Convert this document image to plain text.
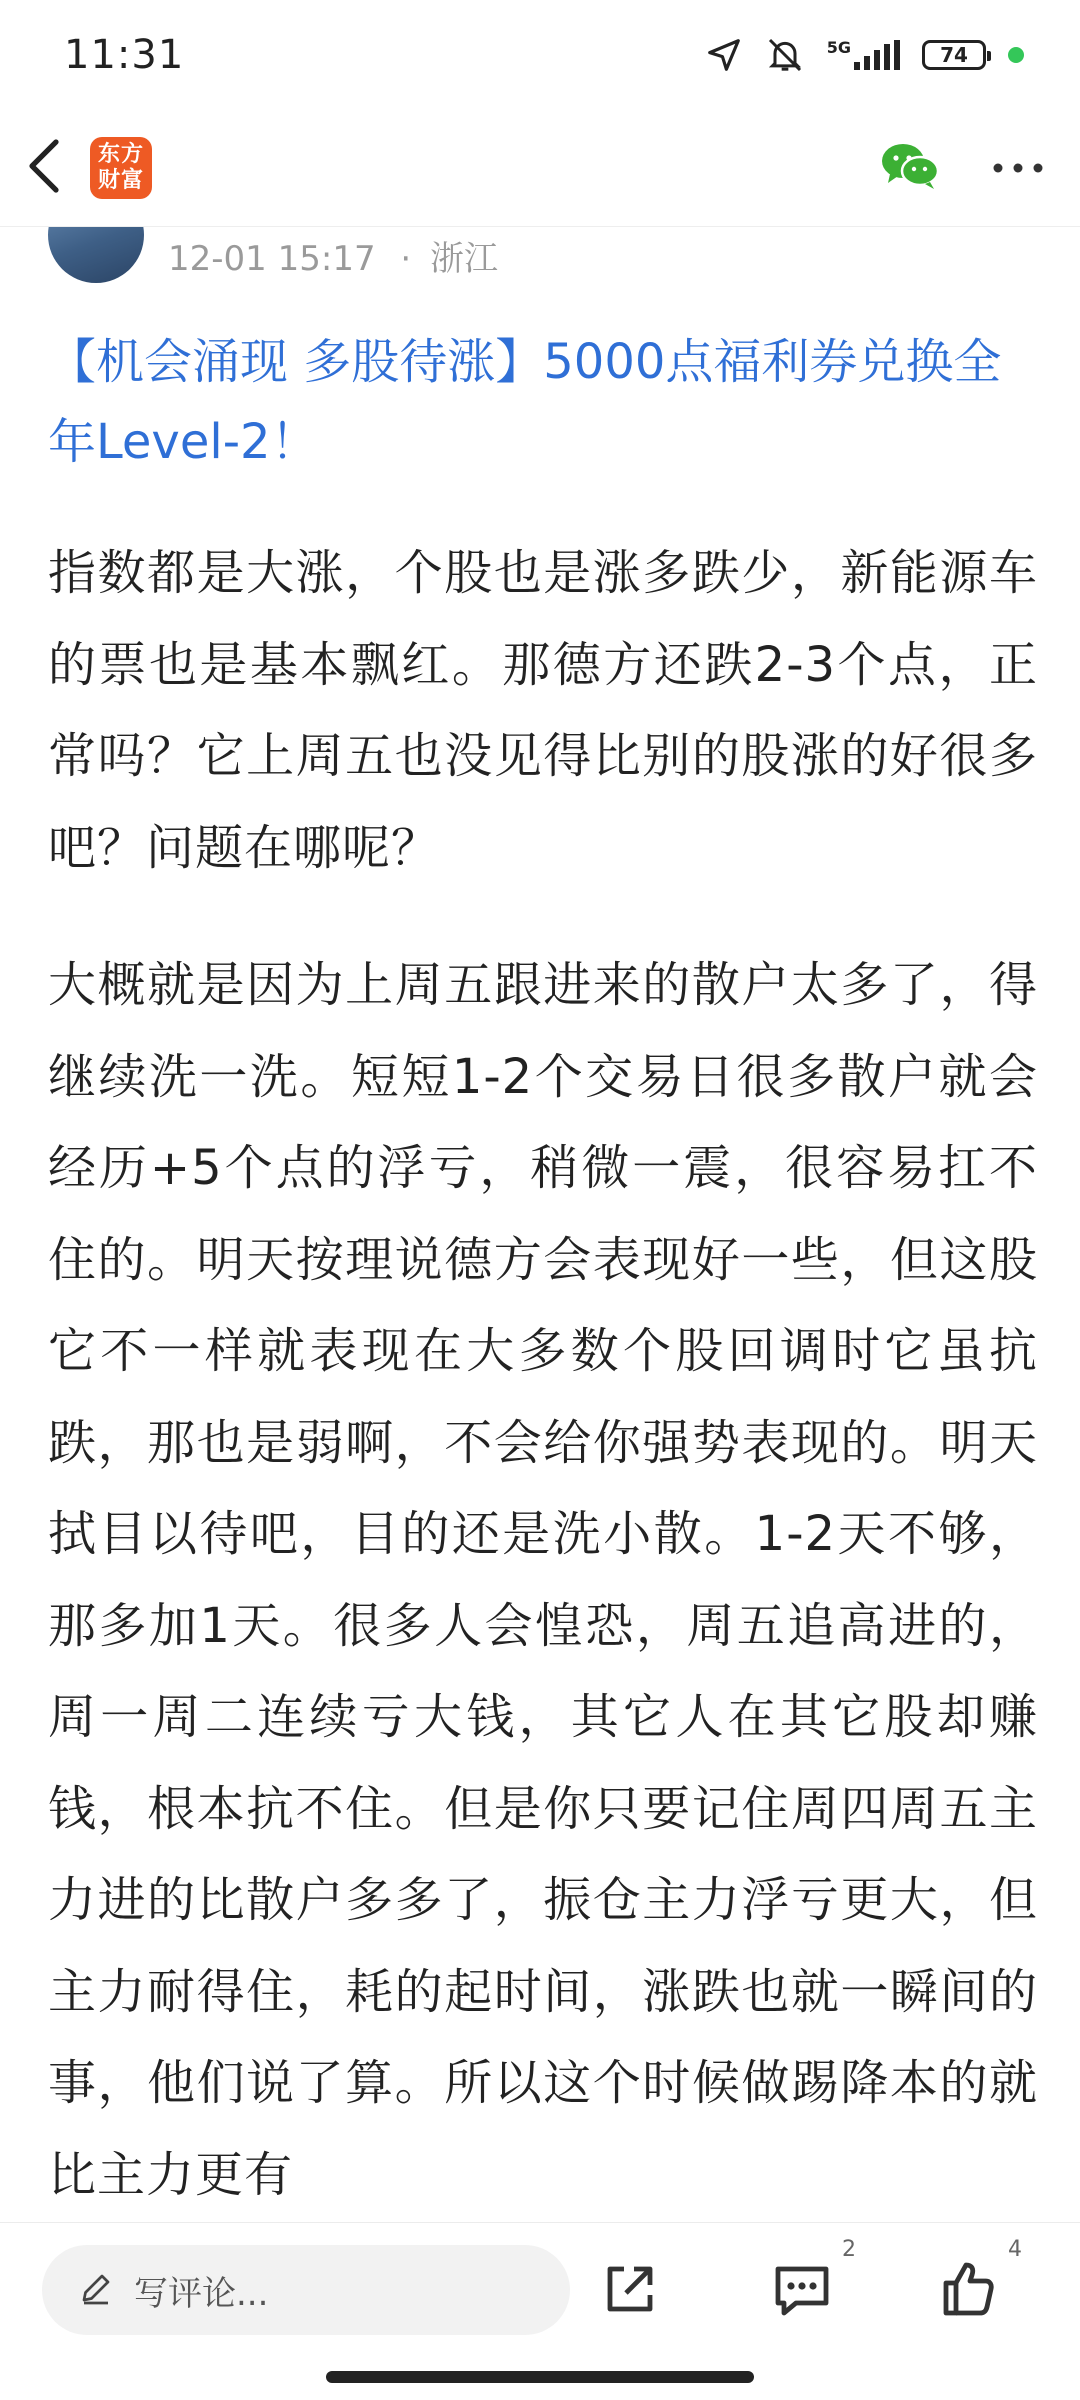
11:31	5G	74
东方
财富
12-01 15:17 · 浙江
【机会涌现 多股待涨】5000点福利券兑换全年Level-2！
指数都是大涨，个股也是涨多跌少，新能源车的票也是基本飘红。那德方还跌2-3个点，正常吗？它上周五也没见得比别的股涨的好很多吧？问题在哪呢？
大概就是因为上周五跟进来的散户太多了，得继续洗一洗。短短1-2个交易日很多散户就会经历+5个点的浮亏，稍微一震，很容易扛不住的。明天按理说德方会表现好一些，但这股它不一样就表现在大多数个股回调时它虽抗跌，那也是弱啊，不会给你强势表现的。明天拭目以待吧，目的还是洗小散。1-2天不够，那多加1天。很多人会惶恐，周五追高进的，周一周二连续亏大钱，其它人在其它股却赚钱，根本抗不住。但是你只要记住周四周五主力进的比散户多多了，振仓主力浮亏更大，但主力耐得住，耗的起时间，涨跌也就一瞬间的事，他们说了算。所以这个时候做踢降本的就比主力更有
写评论...
2	4
